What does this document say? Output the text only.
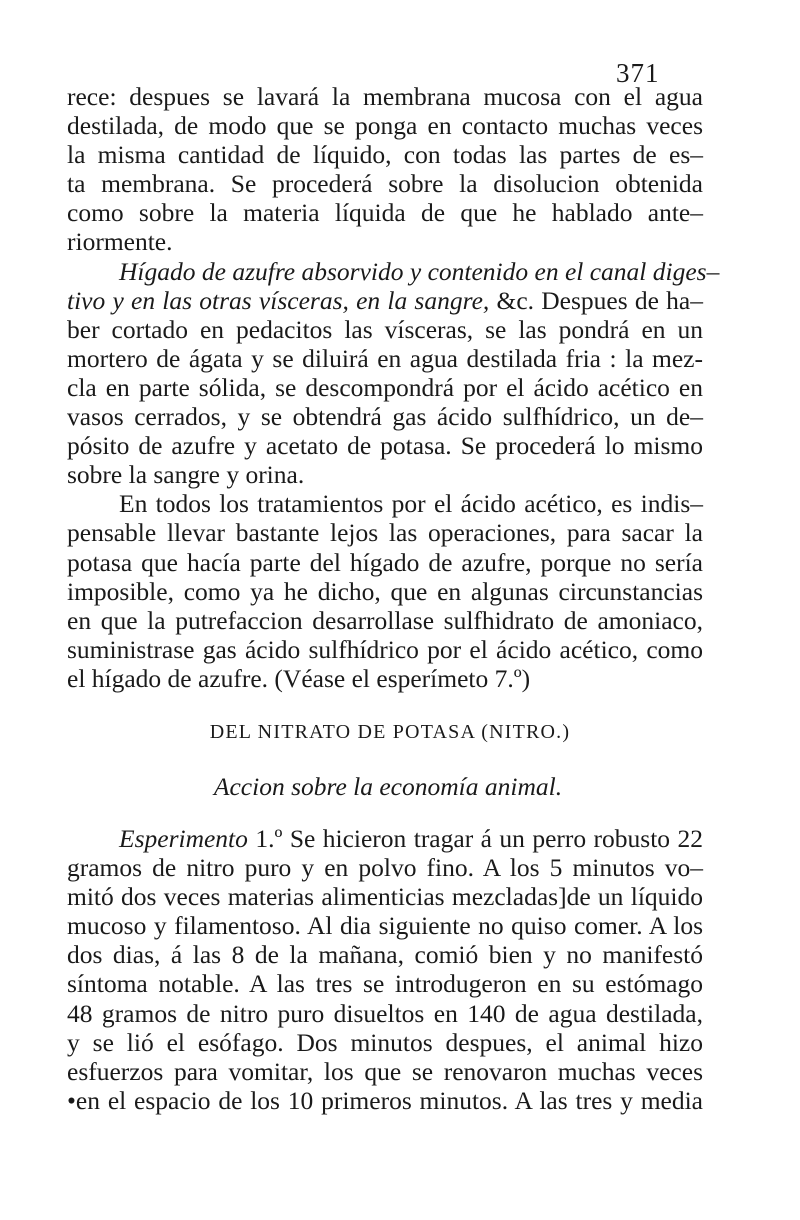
371
rece: despues se lavará la membrana mucosa con el agua
destilada, de modo que se ponga en contacto muchas veces
la misma cantidad de líquido, con todas las partes de es–
ta membrana. Se procederá sobre la disolucion obtenida
como sobre la materia líquida de que he hablado ante–
riormente.
Hígado de azufre absorvido y contenido en el canal diges–
tivo y en las otras vísceras, en la sangre, &c. Despues de ha–
ber cortado en pedacitos las vísceras, se las pondrá en un
mortero de ágata y se diluirá en agua destilada fria : la mez-
cla en parte sólida, se descompondrá por el ácido acético en
vasos cerrados, y se obtendrá gas ácido sulfhídrico, un de–
pósito de azufre y acetato de potasa. Se procederá lo mismo
sobre la sangre y orina.
En todos los tratamientos por el ácido acético, es indis–
pensable llevar bastante lejos las operaciones, para sacar la
potasa que hacía parte del hígado de azufre, porque no sería
imposible, como ya he dicho, que en algunas circunstancias
en que la putrefaccion desarrollase sulfhidrato de amoniaco,
suministrase gas ácido sulfhídrico por el ácido acético, como
el hígado de azufre. (Véase el esperímeto 7.º)
DEL NITRATO DE POTASA (NITRO.)
Accion sobre la economía animal.
Esperimento 1.º Se hicieron tragar á un perro robusto 22
gramos de nitro puro y en polvo fino. A los 5 minutos vo–
mitó dos veces materias alimenticias mezcladas]de un líquido
mucoso y filamentoso. Al dia siguiente no quiso comer. A los
dos dias, á las 8 de la mañana, comió bien y no manifestó
síntoma notable. A las tres se introdugeron en su estómago
48 gramos de nitro puro disueltos en 140 de agua destilada,
y se lió el esófago. Dos minutos despues, el animal hizo
esfuerzos para vomitar, los que se renovaron muchas veces
•en el espacio de los 10 primeros minutos. A las tres y media
